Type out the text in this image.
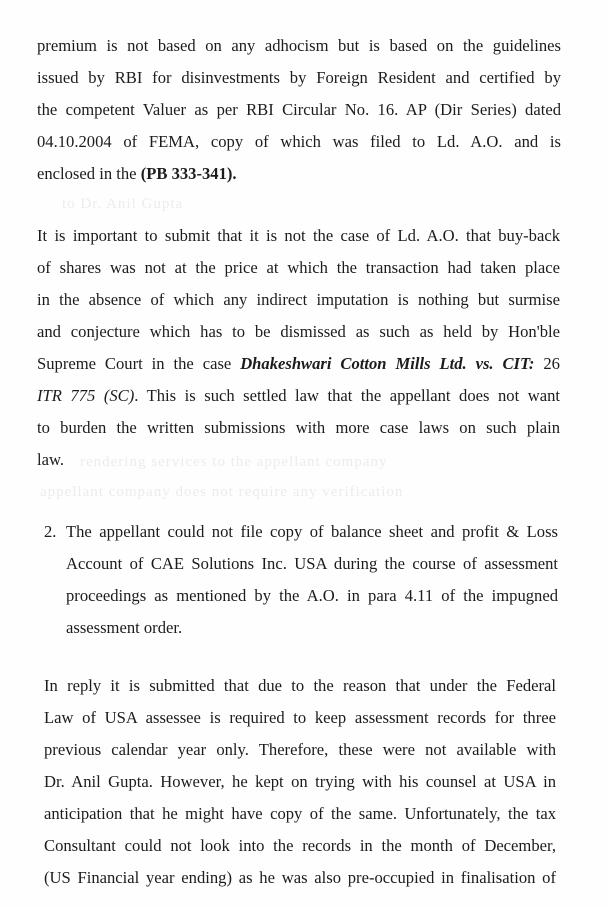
to Dr. Anil Gupta
rendering services to the appellant company
appellant company does not require any verification
premium is not based on any adhocism but is based on the guidelines
issued by RBI for disinvestments by Foreign Resident and certified by
the competent Valuer as per RBI Circular No. 16. AP (Dir Series) dated
04.10.2004 of FEMA, copy of which was filed to Ld. A.O. and is
enclosed in the (PB 333-341).
It is important to submit that it is not the case of Ld. A.O. that buy-back
of shares was not at the price at which the transaction had taken place
in the absence of which any indirect imputation is nothing but surmise
and conjecture which has to be dismissed as such as held by Hon'ble
Supreme Court in the case Dhakeshwari Cotton Mills Ltd. vs. CIT: 26
ITR 775 (SC). This is such settled law that the appellant does not want
to burden the written submissions with more case laws on such plain
law.
2. The appellant could not file copy of balance sheet and profit & Loss
Account of CAE Solutions Inc. USA during the course of assessment
proceedings as mentioned by the A.O. in para 4.11 of the impugned
assessment order.
In reply it is submitted that due to the reason that under the Federal
Law of USA assessee is required to keep assessment records for three
previous calendar year only. Therefore, these were not available with
Dr. Anil Gupta. However, he kept on trying with his counsel at USA in
anticipation that he might have copy of the same. Unfortunately, the tax
Consultant could not look into the records in the month of December,
(US Financial year ending) as he was also pre-occupied in finalisation of
